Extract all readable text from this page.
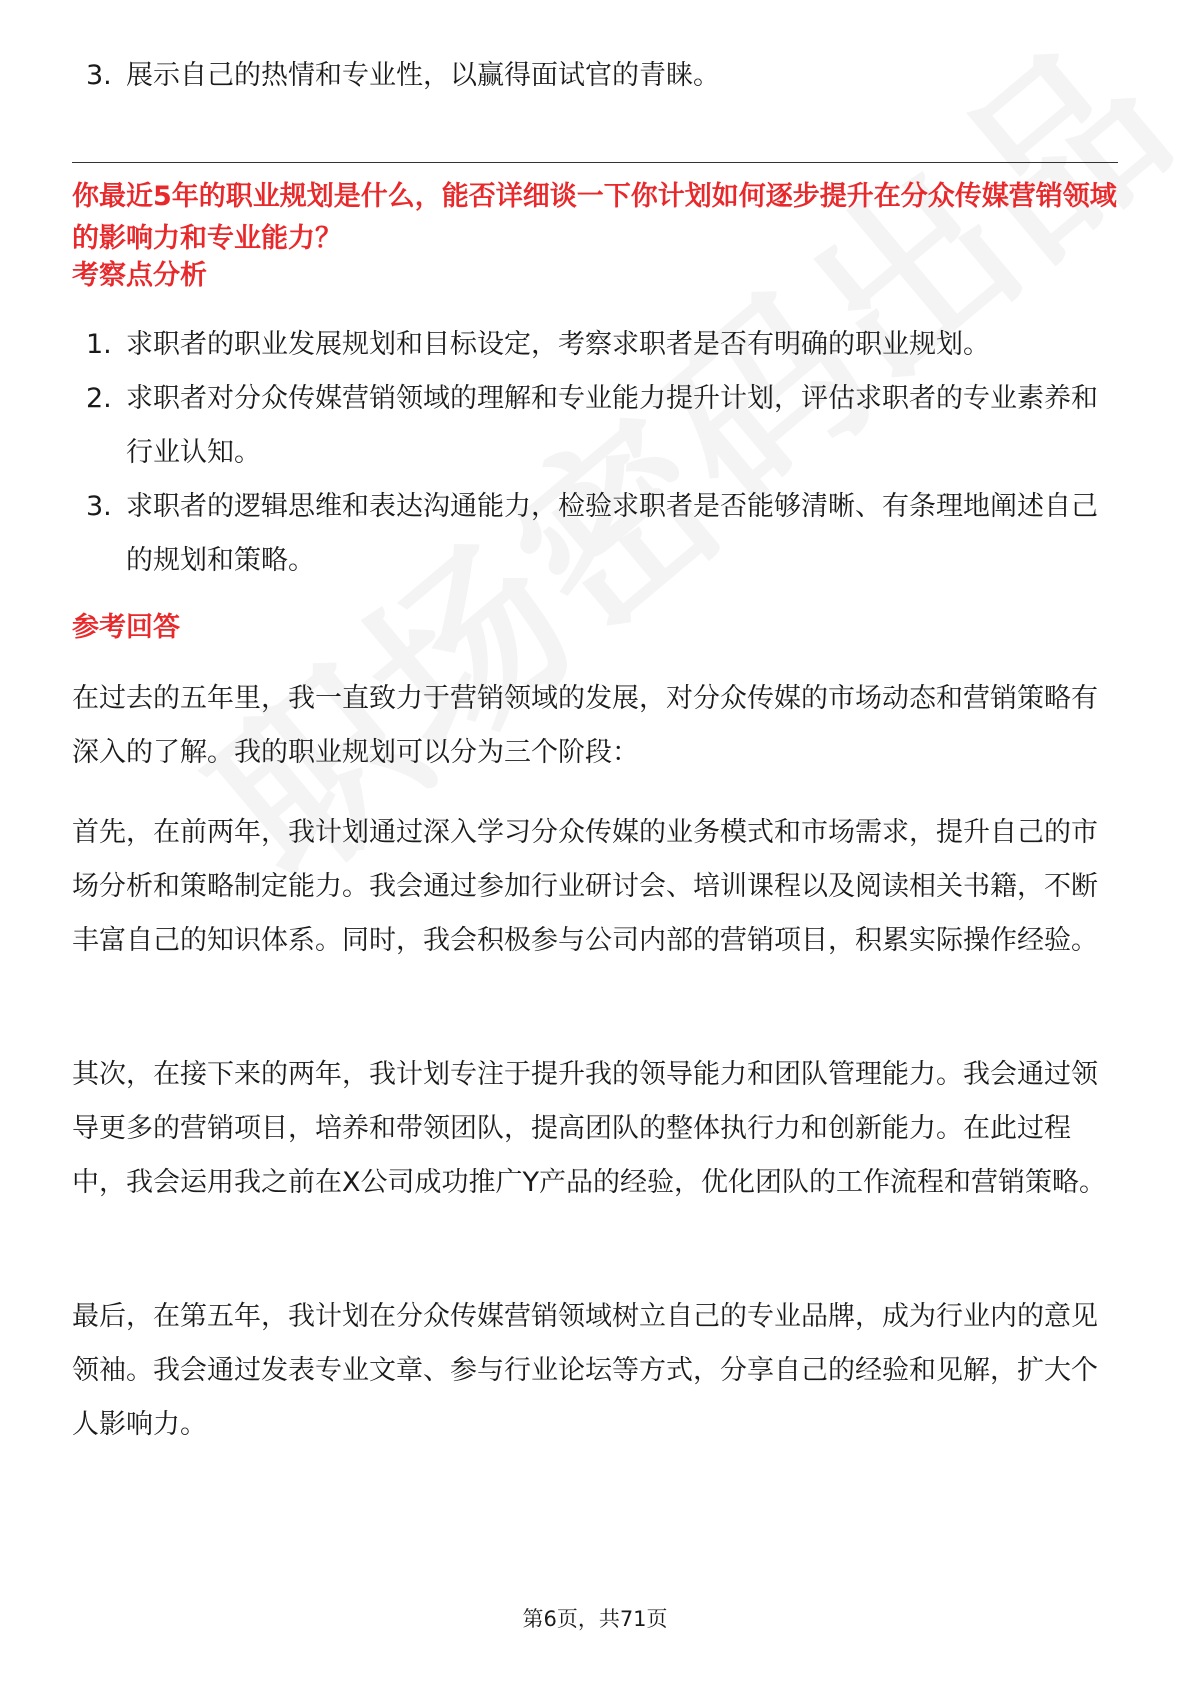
3. 展示自己的热情和专业性，以赢得面试官的青睐。
你最近5年的职业规划是什么，能否详细谈一下你计划如何逐步提升在分众传媒营销领域的影响力和专业能力？
考察点分析
1. 求职者的职业发展规划和目标设定，考察求职者是否有明确的职业规划。
2. 求职者对分众传媒营销领域的理解和专业能力提升计划，评估求职者的专业素养和行业认知。
3. 求职者的逻辑思维和表达沟通能力，检验求职者是否能够清晰、有条理地阐述自己的规划和策略。
参考回答

在过去的五年里，我一直致力于营销领域的发展，对分众传媒的市场动态和营销策略有深入的了解。我的职业规划可以分为三个阶段：

首先，在前两年，我计划通过深入学习分众传媒的业务模式和市场需求，提升自己的市场分析和策略制定能力。我会通过参加行业研讨会、培训课程以及阅读相关书籍，不断丰富自己的知识体系。同时，我会积极参与公司内部的营销项目，积累实际操作经验。

其次，在接下来的两年，我计划专注于提升我的领导能力和团队管理能力。我会通过领导更多的营销项目，培养和带领团队，提高团队的整体执行力和创新能力。在此过程中，我会运用我之前在X公司成功推广Y产品的经验，优化团队的工作流程和营销策略。

最后，在第五年，我计划在分众传媒营销领域树立自己的专业品牌，成为行业内的意见领袖。我会通过发表专业文章、参与行业论坛等方式，分享自己的经验和见解，扩大个人影响力。

第6页，共71页
